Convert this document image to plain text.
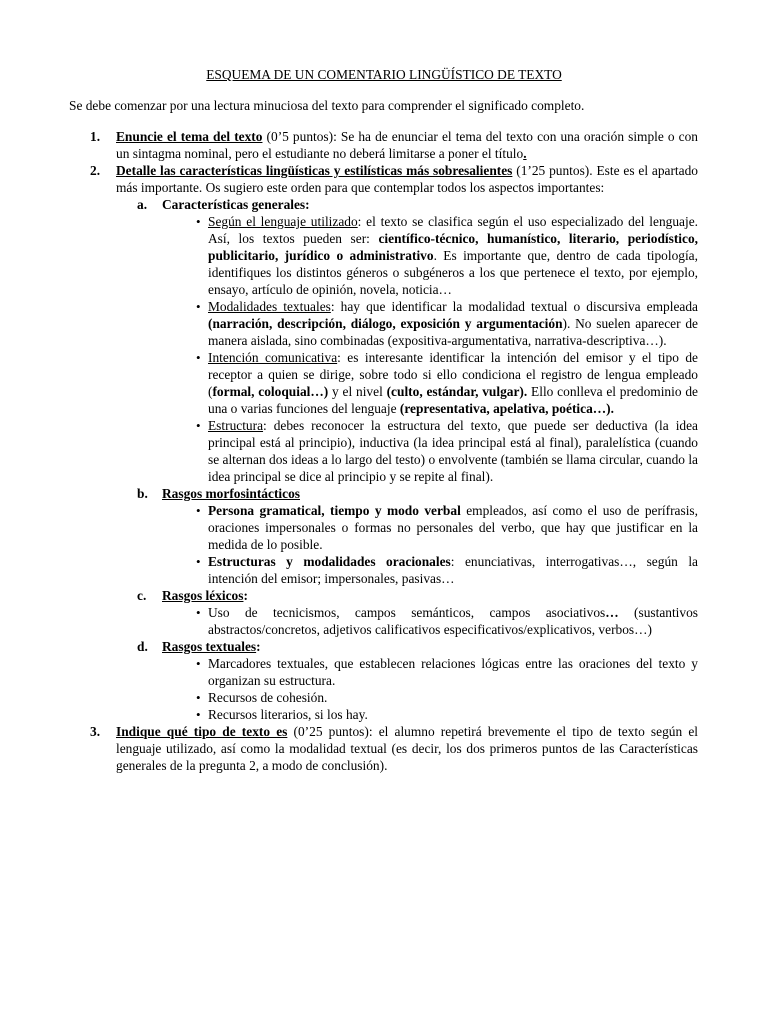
ESQUEMA DE UN COMENTARIO LINGÜÍSTICO DE TEXTO
Se debe comenzar por una lectura minuciosa del texto para comprender el significado completo.
1. Enuncie el tema del texto (0’5 puntos): Se ha de enunciar el tema del texto con una oración simple o con un sintagma nominal, pero el estudiante no deberá limitarse a poner el título.
2. Detalle las características lingüísticas y estilísticas más sobresalientes (1’25 puntos). Este es el apartado más importante. Os sugiero este orden para que contemplar todos los aspectos importantes:
a. Características generales:
• Según el lenguaje utilizado: el texto se clasifica según el uso especializado del lenguaje. Así, los textos pueden ser: científico-técnico, humanístico, literario, periodístico, publicitario, jurídico o administrativo. Es importante que, dentro de cada tipología, identifiques los distintos géneros o subgéneros a los que pertenece el texto, por ejemplo, ensayo, artículo de opinión, novela, noticia…
• Modalidades textuales: hay que identificar la modalidad textual o discursiva empleada (narración, descripción, diálogo, exposición y argumentación). No suelen aparecer de manera aislada, sino combinadas (expositiva-argumentativa, narrativa-descriptiva…).
• Intención comunicativa: es interesante identificar la intención del emisor y el tipo de receptor a quien se dirige, sobre todo si ello condiciona el registro de lengua empleado (formal, coloquial…) y el nivel (culto, estándar, vulgar). Ello conlleva el predominio de una o varias funciones del lenguaje (representativa, apelativa, poética…).
• Estructura: debes reconocer la estructura del texto, que puede ser deductiva (la idea principal está al principio), inductiva (la idea principal está al final), paralelística (cuando se alternan dos ideas a lo largo del testo) o envolvente (también se llama circular, cuando la idea principal se dice al principio y se repite al final).
b. Rasgos morfosintácticos
• Persona gramatical, tiempo y modo verbal empleados, así como el uso de perífrasis, oraciones impersonales o formas no personales del verbo, que hay que justificar en la medida de lo posible.
• Estructuras y modalidades oracionales: enunciativas, interrogativas…, según la intención del emisor; impersonales, pasivas…
c. Rasgos léxicos:
• Uso de tecnicismos, campos semánticos, campos asociativos… (sustantivos abstractos/concretos, adjetivos calificativos especificativos/explicativos, verbos…)
d. Rasgos textuales:
• Marcadores textuales, que establecen relaciones lógicas entre las oraciones del texto y organizan su estructura.
• Recursos de cohesión.
• Recursos literarios, si los hay.
3. Indique qué tipo de texto es (0’25 puntos): el alumno repetirá brevemente el tipo de texto según el lenguaje utilizado, así como la modalidad textual (es decir, los dos primeros puntos de las Características generales de la pregunta 2, a modo de conclusión).
